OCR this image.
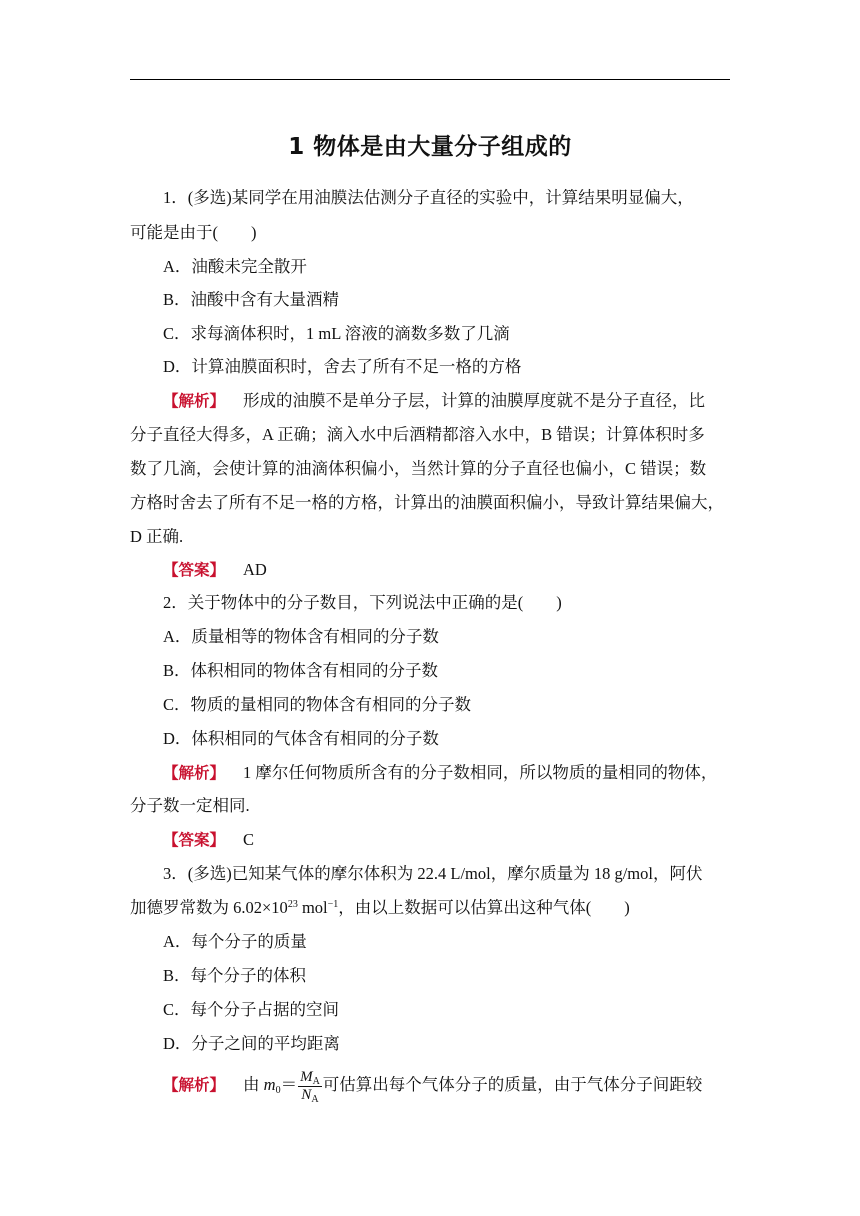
1 物体是由大量分子组成的
1．(多选)某同学在用油膜法估测分子直径的实验中，计算结果明显偏大，
可能是由于(　　)
A．油酸未完全散开
B．油酸中含有大量酒精
C．求每滴体积时，1 mL 溶液的滴数多数了几滴
D．计算油膜面积时，舍去了所有不足一格的方格
【解析】 形成的油膜不是单分子层，计算的油膜厚度就不是分子直径，比
分子直径大得多，A 正确；滴入水中后酒精都溶入水中，B 错误；计算体积时多
数了几滴，会使计算的油滴体积偏小，当然计算的分子直径也偏小，C 错误；数
方格时舍去了所有不足一格的方格，计算出的油膜面积偏小，导致计算结果偏大，
D 正确.
【答案】 AD
2．关于物体中的分子数目，下列说法中正确的是(　　)
A．质量相等的物体含有相同的分子数
B．体积相同的物体含有相同的分子数
C．物质的量相同的物体含有相同的分子数
D．体积相同的气体含有相同的分子数
【解析】 1 摩尔任何物质所含有的分子数相同，所以物质的量相同的物体，
分子数一定相同.
【答案】 C
3．(多选)已知某气体的摩尔体积为 22.4 L/mol，摩尔质量为 18 g/mol，阿伏
加德罗常数为 $6.02\times 10^{23}$ mol$^{-1}$，由以上数据可以估算出这种气体(　　)
A．每个分子的质量
B．每个分子的体积
C．每个分子占据的空间
D．分子之间的平均距离
【解析】 由 $m_0= \frac{M_A}{N_A}$ 可估算出每个气体分子的质量，由于气体分子间距较
